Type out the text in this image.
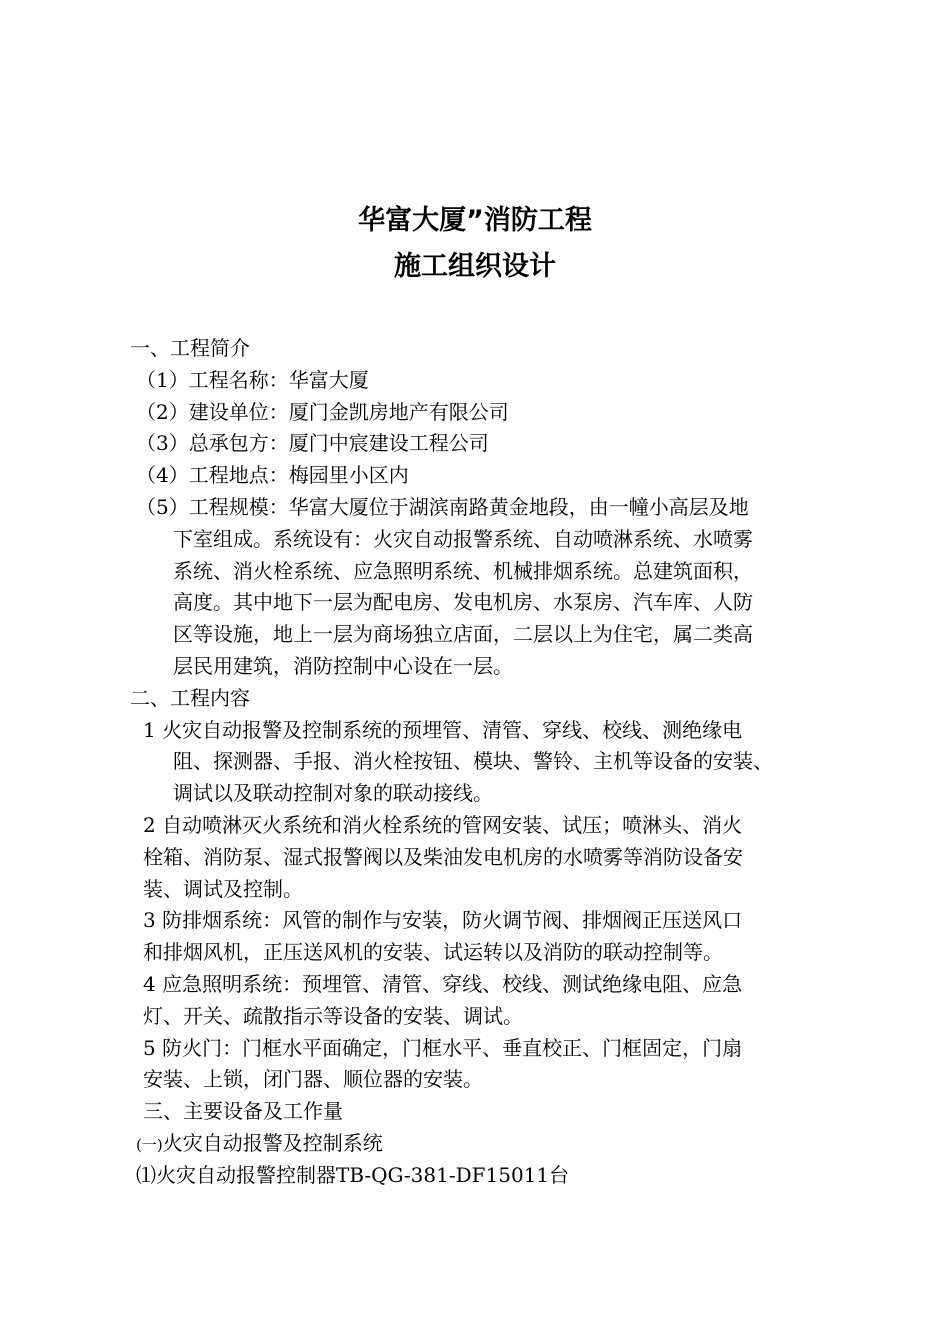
华富大厦”消防工程
施工组织设计
一、工程简介
（1）工程名称：华富大厦
（2）建设单位：厦门金凯房地产有限公司
（3）总承包方：厦门中宸建设工程公司
（4）工程地点：梅园里小区内
（5）工程规模：华富大厦位于湖滨南路黄金地段，由一幢小高层及地
下室组成。系统设有：火灾自动报警系统、自动喷淋系统、水喷雾
系统、消火栓系统、应急照明系统、机械排烟系统。总建筑面积，
高度。其中地下一层为配电房、发电机房、水泵房、汽车库、人防
区等设施，地上一层为商场独立店面，二层以上为住宅，属二类高
层民用建筑，消防控制中心设在一层。
二、工程内容
1 火灾自动报警及控制系统的预埋管、清管、穿线、校线、测绝缘电
阻、探测器、手报、消火栓按钮、模块、警铃、主机等设备的安装、
调试以及联动控制对象的联动接线。
2 自动喷淋灭火系统和消火栓系统的管网安装、试压；喷淋头、消火
栓箱、消防泵、湿式报警阀以及柴油发电机房的水喷雾等消防设备安
装、调试及控制。
3 防排烟系统：风管的制作与安装，防火调节阀、排烟阀正压送风口
和排烟风机，正压送风机的安装、试运转以及消防的联动控制等。
4 应急照明系统：预埋管、清管、穿线、校线、测试绝缘电阻、应急
灯、开关、疏散指示等设备的安装、调试。
5 防火门：门框水平面确定，门框水平、垂直校正、门框固定，门扇
安装、上锁，闭门器、顺位器的安装。
三、主要设备及工作量
(一)火灾自动报警及控制系统
⑴火灾自动报警控制器TB-QG-381-DF15011台
